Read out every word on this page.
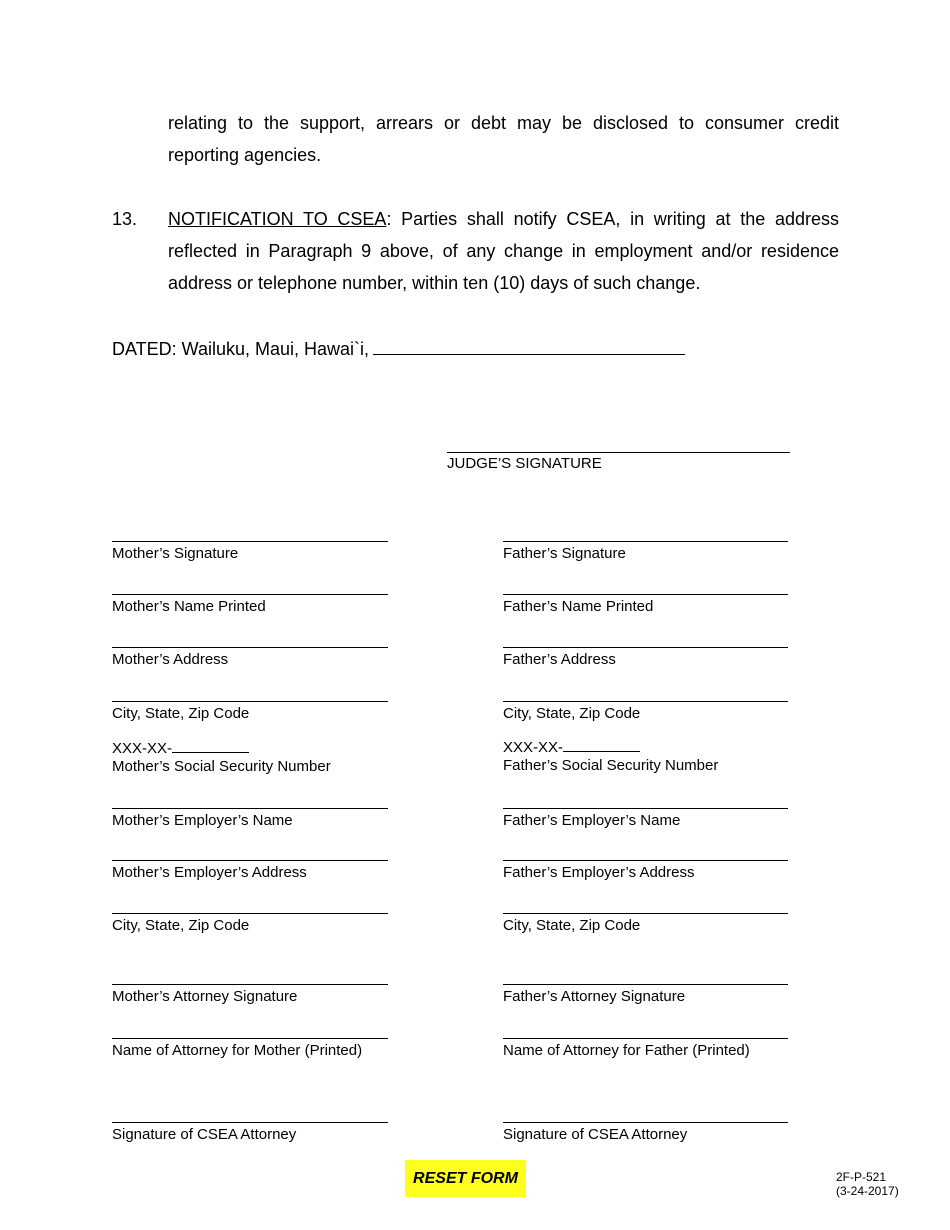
relating to the support, arrears or debt may be disclosed to consumer credit reporting agencies.
13. NOTIFICATION TO CSEA: Parties shall notify CSEA, in writing at the address reflected in Paragraph 9 above, of any change in employment and/or residence address or telephone number, within ten (10) days of such change.
DATED: Wailuku, Maui, Hawai`i,
JUDGE’S SIGNATURE
Mother’s Signature
Mother’s Name Printed
Mother’s Address
City, State, Zip Code
XXX-XX-
Mother’s Social Security Number
Mother’s Employer’s Name
Mother’s Employer’s Address
City, State, Zip Code
Mother’s Attorney Signature
Name of Attorney for Mother (Printed)
Signature of CSEA Attorney
Father’s Signature
Father’s Name Printed
Father’s Address
City, State, Zip Code
XXX-XX-
Father’s Social Security Number
Father’s Employer’s Name
Father’s Employer’s Address
City, State, Zip Code
Father’s Attorney Signature
Name of Attorney for Father (Printed)
Signature of CSEA Attorney
RESET FORM	2F-P-521
(3-24-2017)
